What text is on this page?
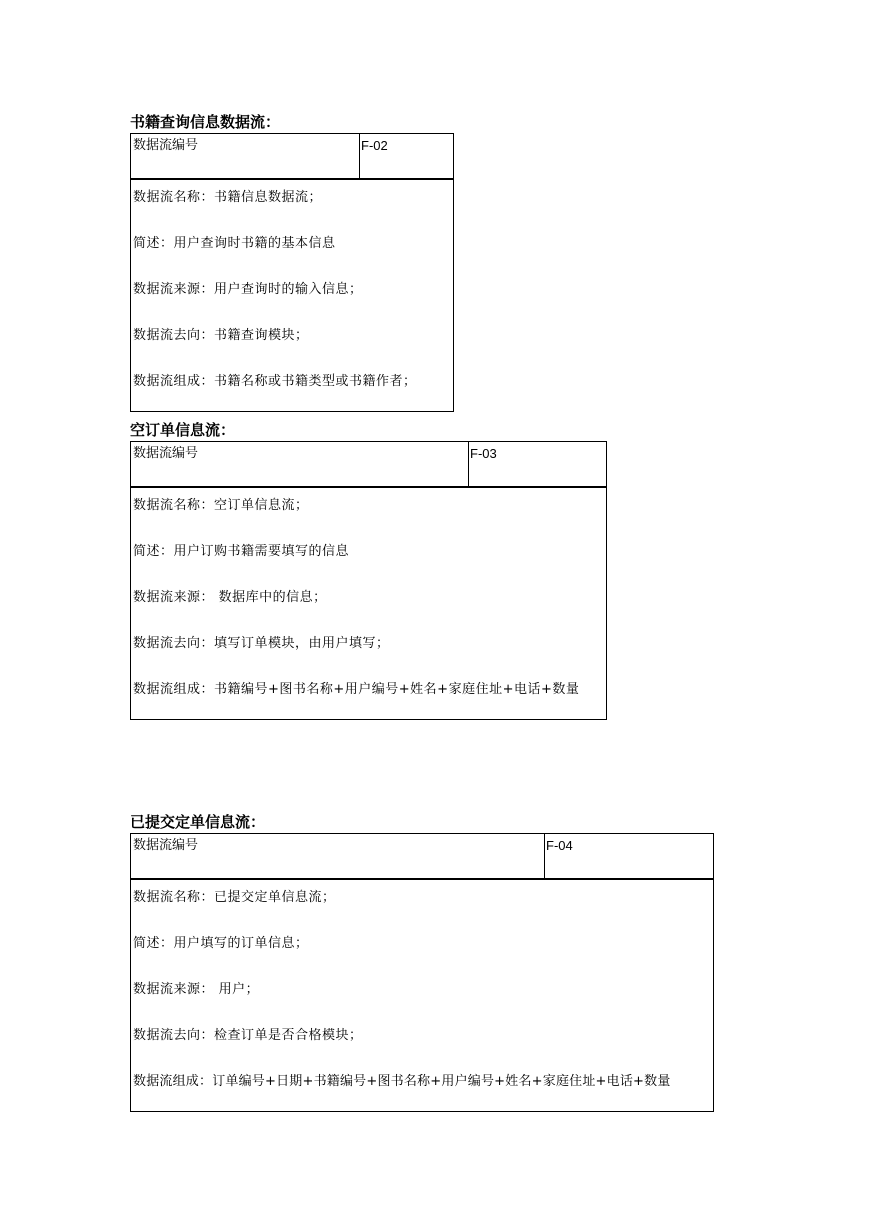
书籍查询信息数据流：
数据流编号	F-02
数据流名称：书籍信息数据流；
简述：用户查询时书籍的基本信息
数据流来源：用户查询时的输入信息；
数据流去向：书籍查询模块；
数据流组成：书籍名称或书籍类型或书籍作者；
空订单信息流：
数据流编号	F-03
数据流名称：空订单信息流；
简述：用户订购书籍需要填写的信息
数据流来源： 数据库中的信息；
数据流去向：填写订单模块，由用户填写；
数据流组成：书籍编号+图书名称+用户编号+姓名+家庭住址+电话+数量
已提交定单信息流：
数据流编号	F-04
数据流名称：已提交定单信息流；
简述：用户填写的订单信息；
数据流来源： 用户；
数据流去向：检查订单是否合格模块；
数据流组成：订单编号+日期+书籍编号+图书名称+用户编号+姓名+家庭住址+电话+数量
